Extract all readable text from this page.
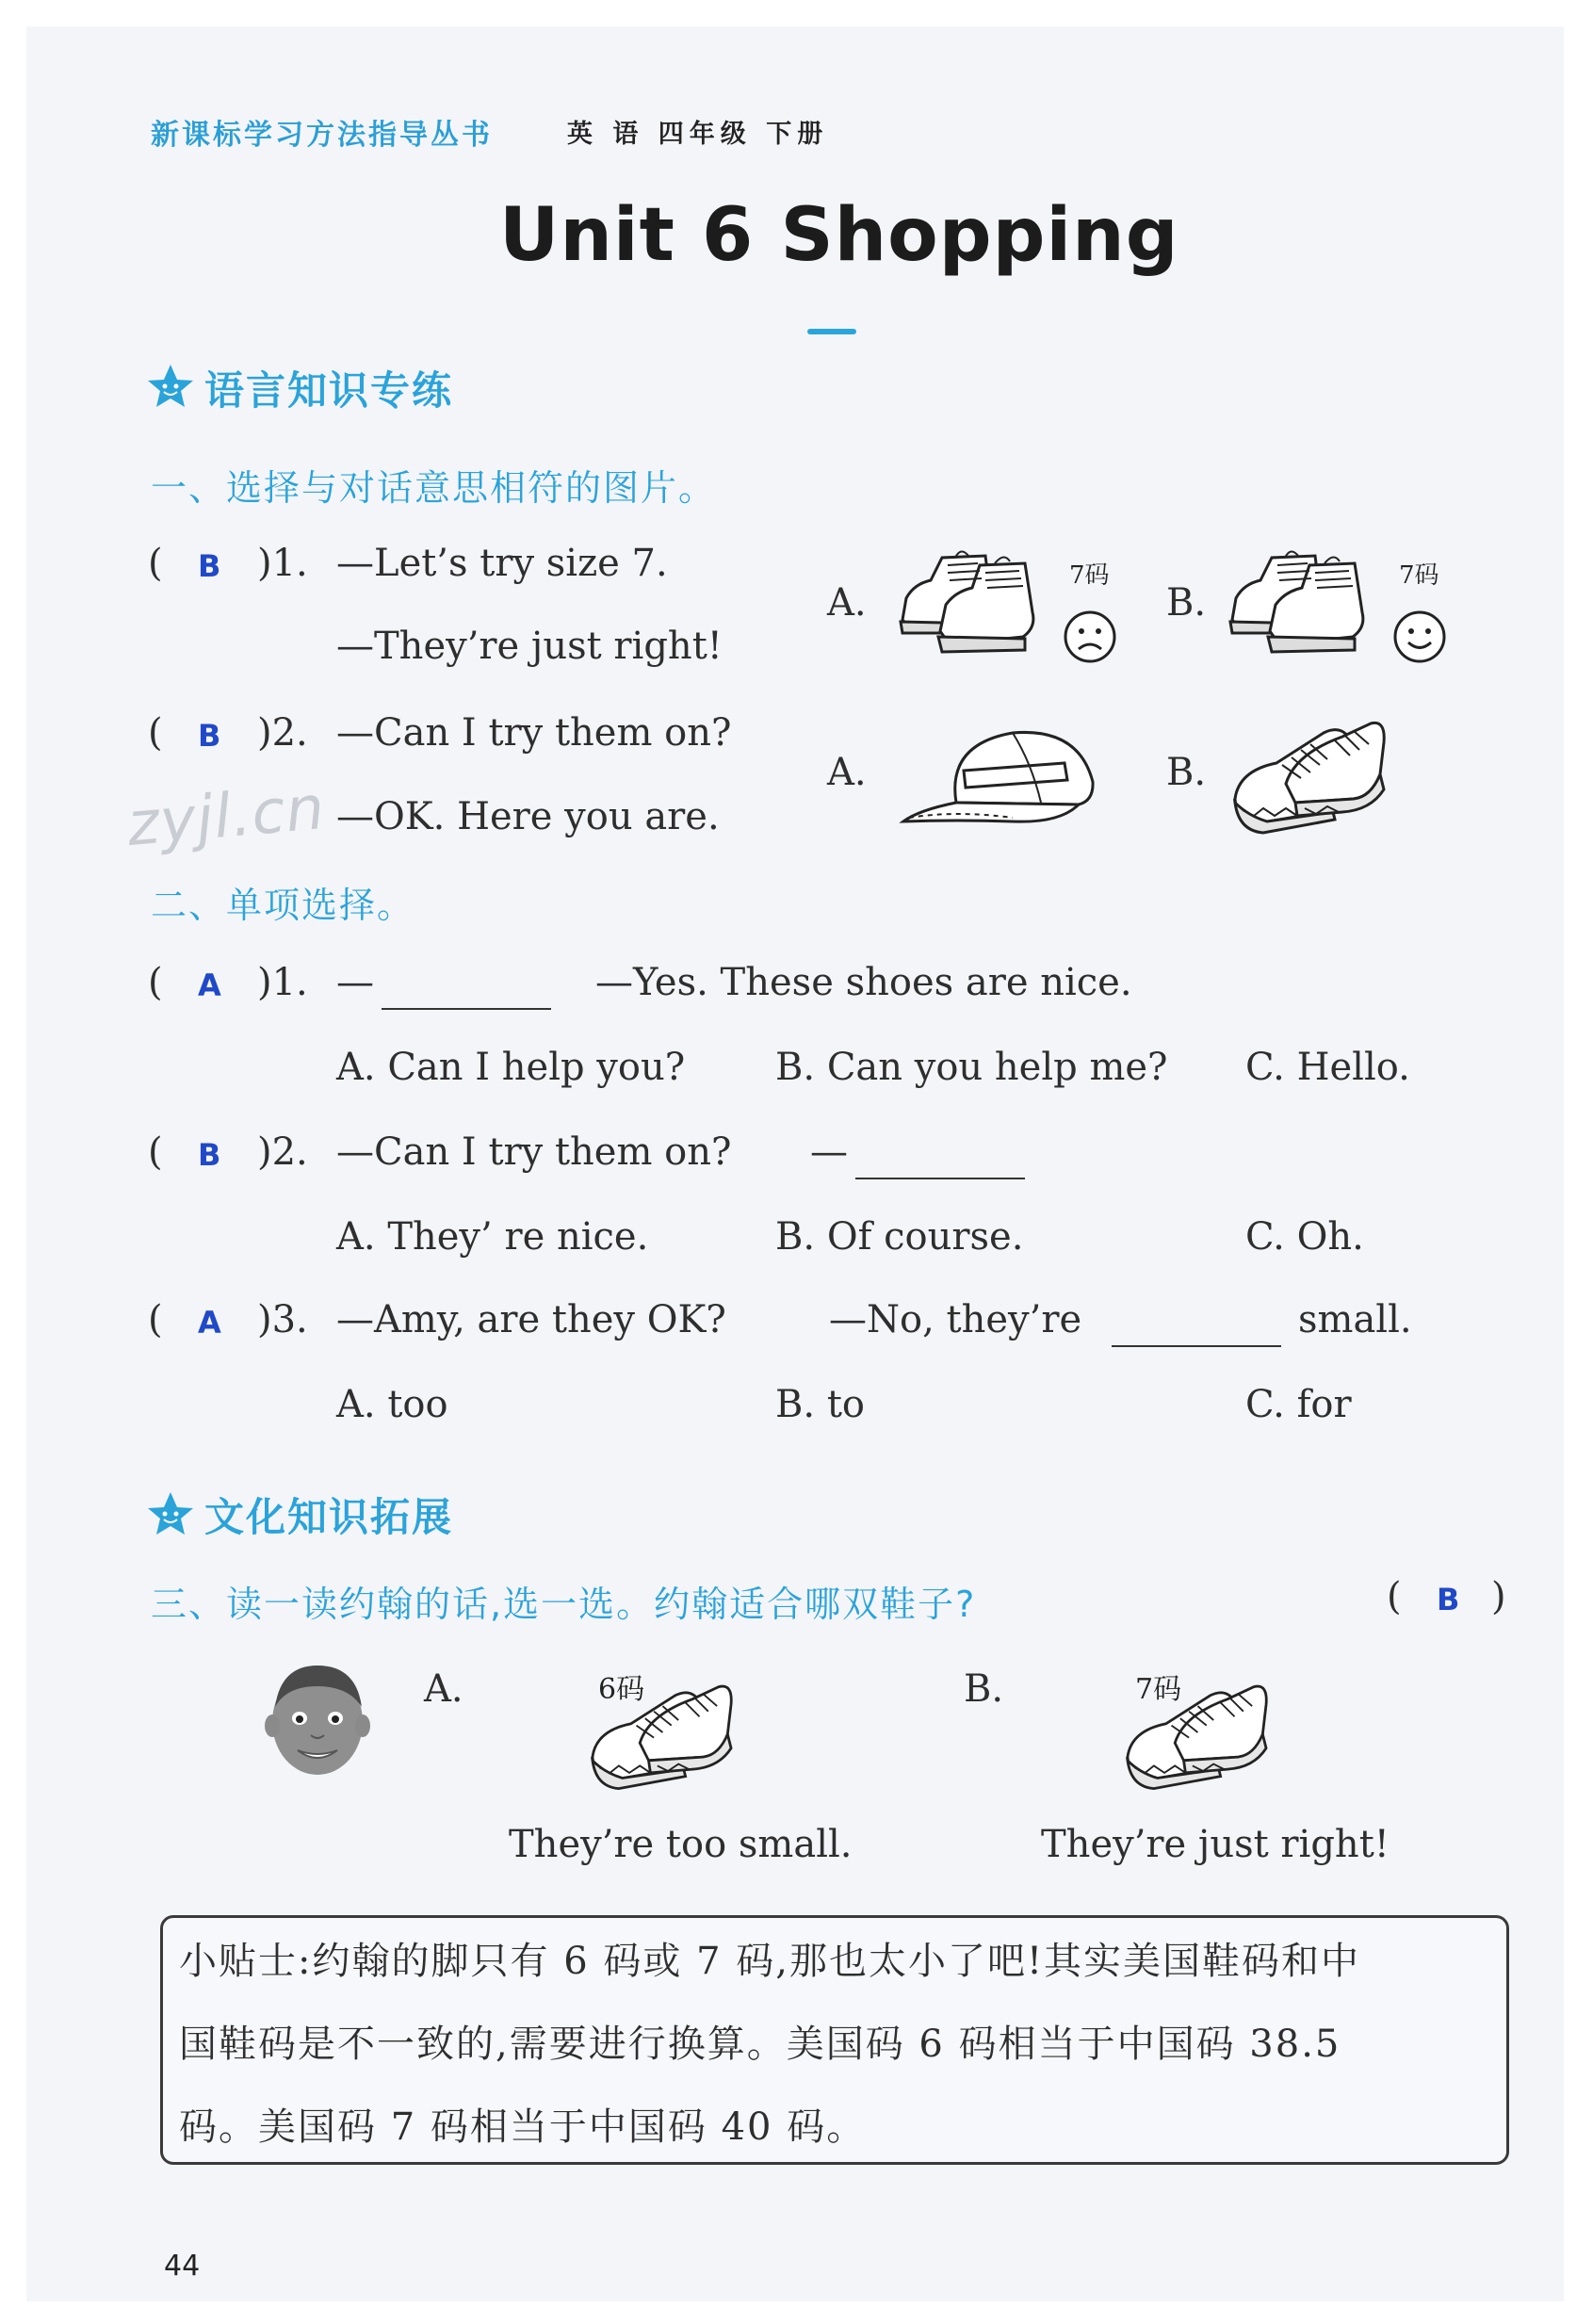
新课标学习方法指导丛书	英 语 四年级 下册
Unit 6 Shopping
zyjl.cn
语言知识专练
一、选择与对话意思相符的图片。
( B )1. —Let’s try size 7.
—They’re just right!
A.
7码
B.
7码
( B )2. —Can I try them on?
—OK. Here you are.
A.	B.
二、单项选择。
( A )1. —	—Yes. These shoes are nice.
A. Can I help you? B. Can you help me? C. Hello.
( B )2. —Can I try them on? —
A. They’ re nice.	B. Of course.	C. Oh.
( A )3. —Amy, are they OK?	—No, they’re	small.
A. too	B. to	C. for
文化知识拓展
三、读一读约翰的话,选一选。约翰适合哪双鞋子?	( B )
A.	6码
They’re too small.
B.	7码
They’re just right!
小贴士:约翰的脚只有 6 码或 7 码,那也太小了吧!其实美国鞋码和中
国鞋码是不一致的,需要进行换算。美国码 6 码相当于中国码 38.5
码。美国码 7 码相当于中国码 40 码。
44
